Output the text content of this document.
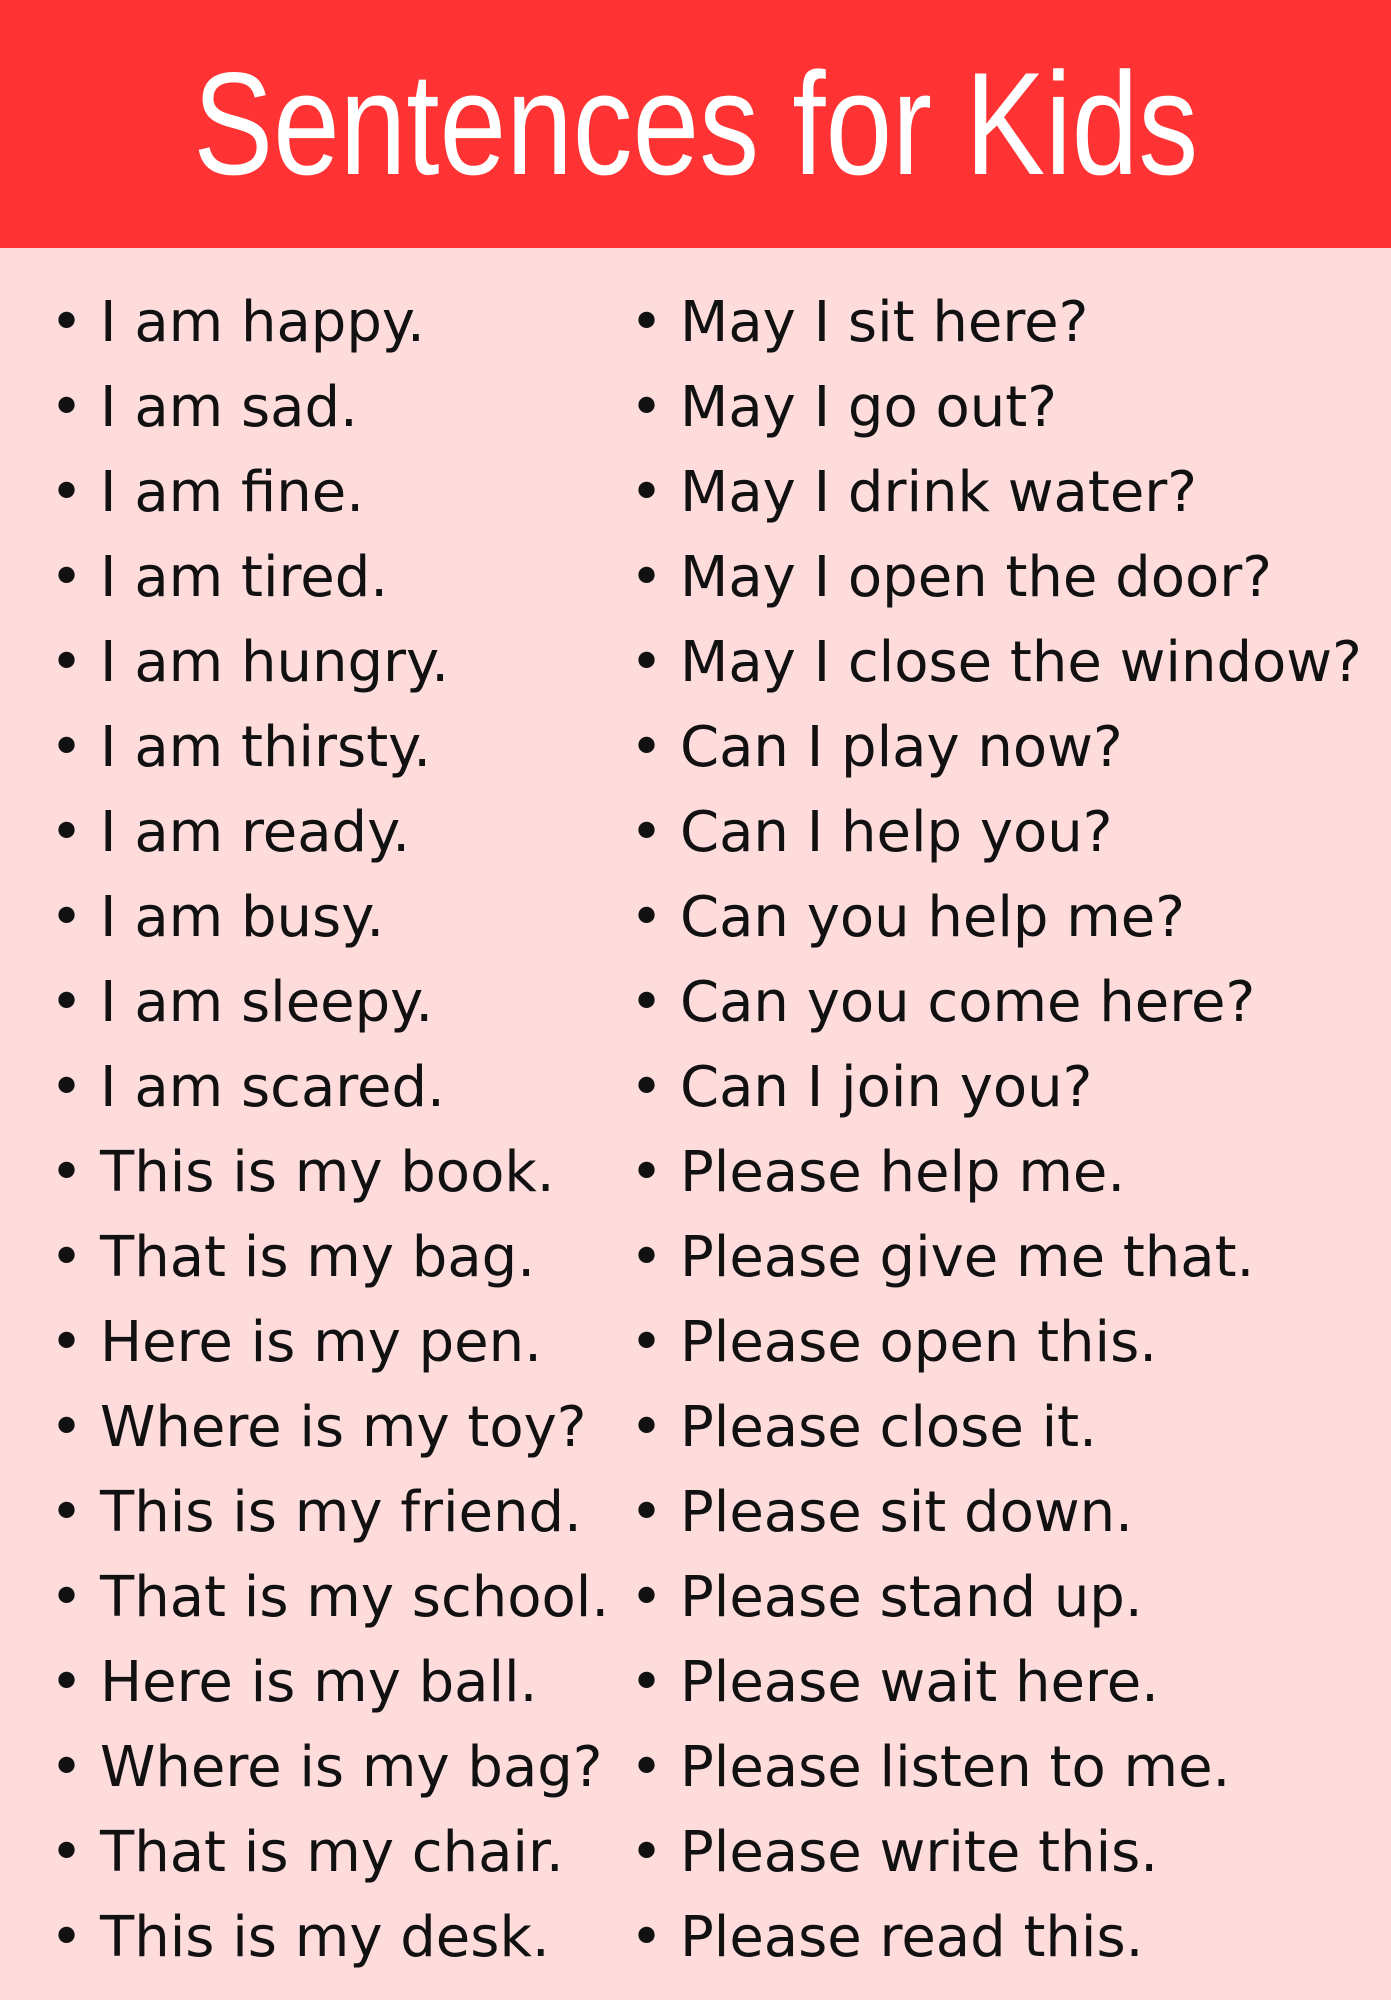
Sentences for Kids
• I am happy.
• I am sad.
• I am fine.
• I am tired.
• I am hungry.
• I am thirsty.
• I am ready.
• I am busy.
• I am sleepy.
• I am scared.
• This is my book.
• That is my bag.
• Here is my pen.
• Where is my toy?
• This is my friend.
• That is my school.
• Here is my ball.
• Where is my bag?
• That is my chair.
• This is my desk.
• May I sit here?
• May I go out?
• May I drink water?
• May I open the door?
• May I close the window?
• Can I play now?
• Can I help you?
• Can you help me?
• Can you come here?
• Can I join you?
• Please help me.
• Please give me that.
• Please open this.
• Please close it.
• Please sit down.
• Please stand up.
• Please wait here.
• Please listen to me.
• Please write this.
• Please read this.
